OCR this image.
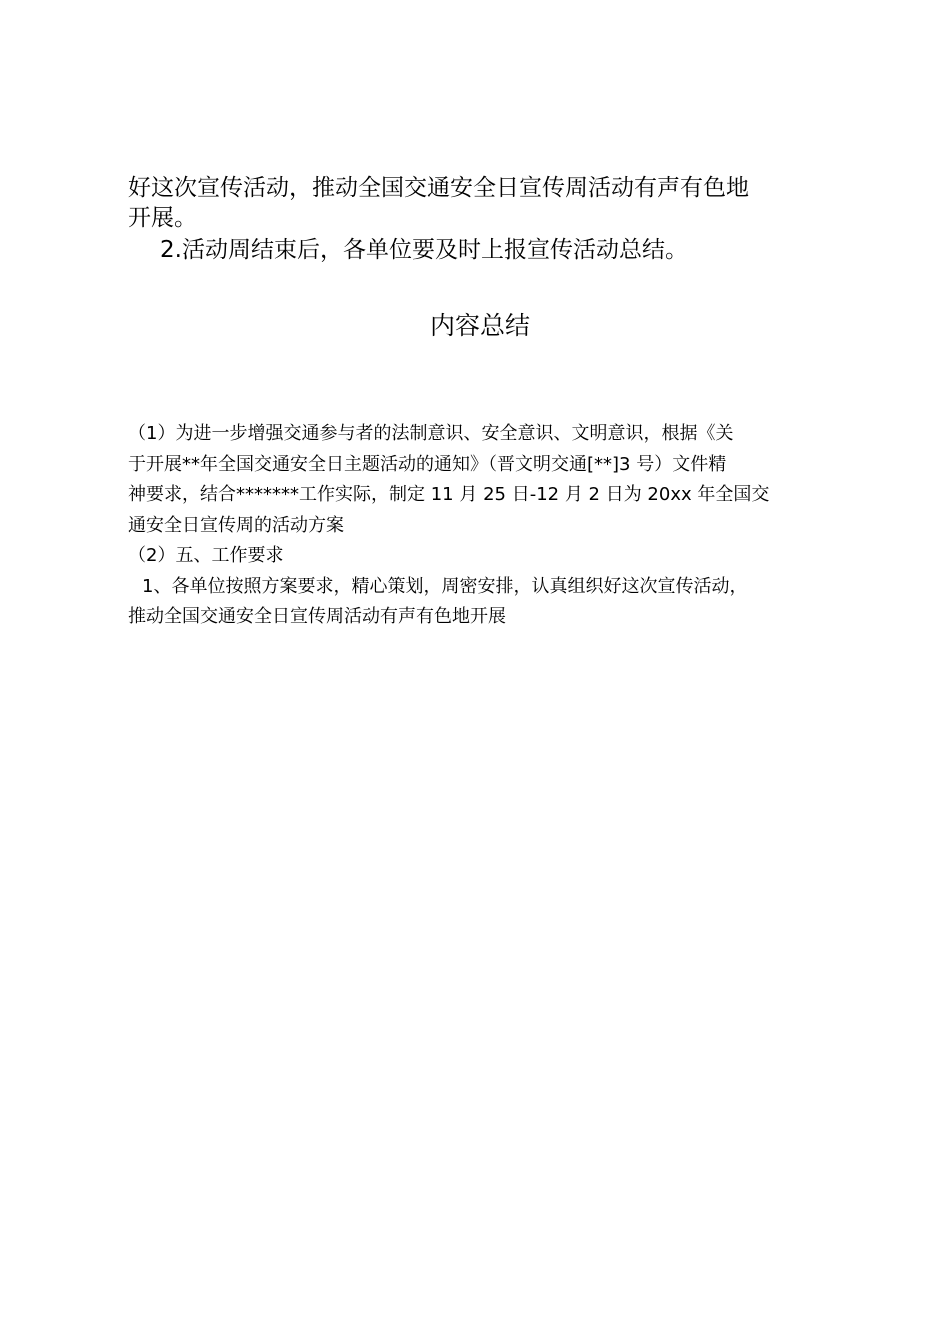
好这次宣传活动，推动全国交通安全日宣传周活动有声有色地

开展。

2.活动周结束后，各单位要及时上报宣传活动总结。

内容总结

（1）为进一步增强交通参与者的法制意识、安全意识、文明意识，根据《关

于开展**年全国交通安全日主题活动的通知》（晋文明交通[**]3 号）文件精

神要求，结合*******工作实际，制定 11 月 25 日-12 月 2 日为 20xx 年全国交

通安全日宣传周的活动方案

（2）五、工作要求

1、各单位按照方案要求，精心策划，周密安排，认真组织好这次宣传活动，

推动全国交通安全日宣传周活动有声有色地开展
